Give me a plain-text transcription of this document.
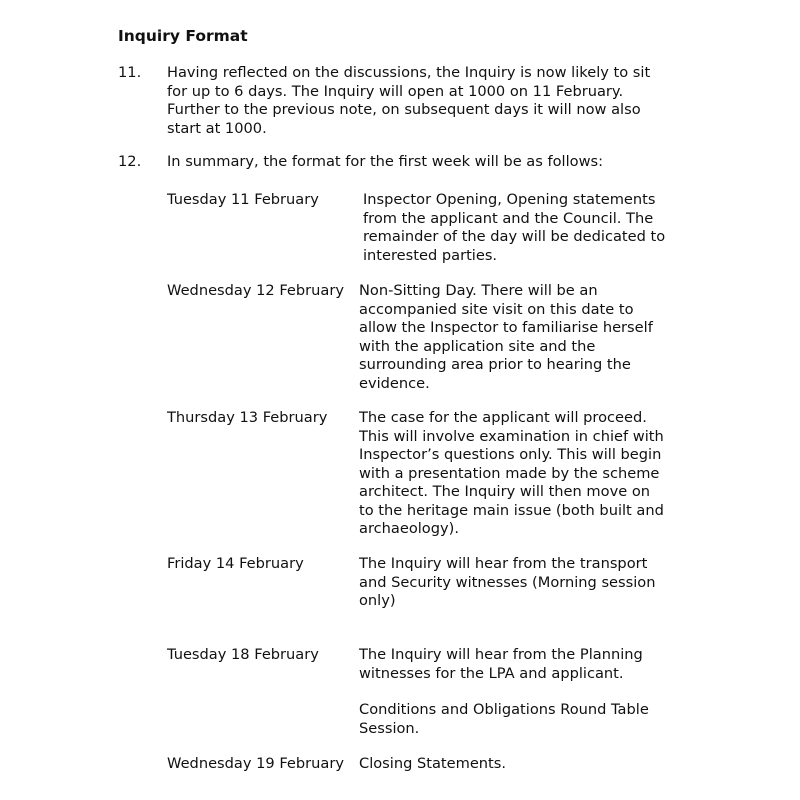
Inquiry Format
11. Having reflected on the discussions, the Inquiry is now likely to sit
for up to 6 days. The Inquiry will open at 1000 on 11 February.
Further to the previous note, on subsequent days it will now also
start at 1000.
12. In summary, the format for the first week will be as follows:
Tuesday 11 February	Inspector Opening, Opening statements
from the applicant and the Council. The
remainder of the day will be dedicated to
interested parties.
Wednesday 12 February Non-Sitting Day. There will be an
accompanied site visit on this date to
allow the Inspector to familiarise herself
with the application site and the
surrounding area prior to hearing the
evidence.
Thursday 13 February The case for the applicant will proceed.
This will involve examination in chief with
Inspector’s questions only. This will begin
with a presentation made by the scheme
architect. The Inquiry will then move on
to the heritage main issue (both built and
archaeology).
Friday 14 February	The Inquiry will hear from the transport
and Security witnesses (Morning session
only)
Tuesday 18 February	The Inquiry will hear from the Planning
witnesses for the LPA and applicant.
Conditions and Obligations Round Table
Session.
Wednesday 19 February Closing Statements.
